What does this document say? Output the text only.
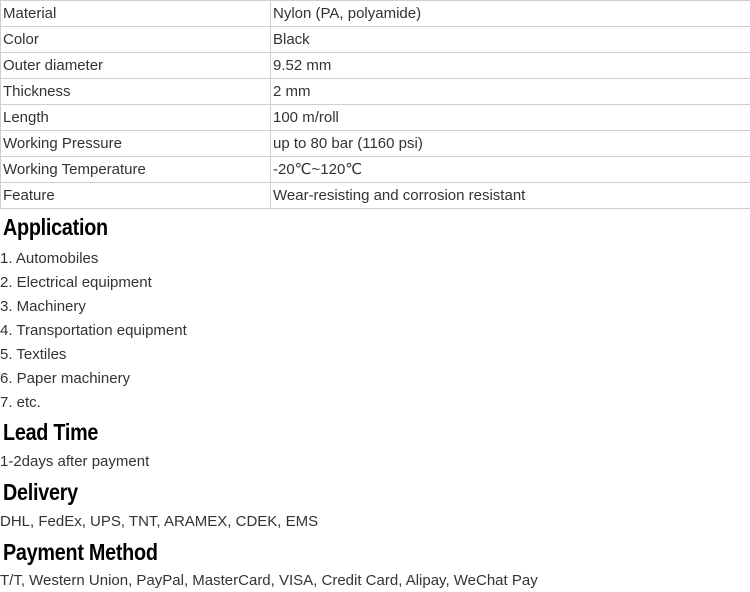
Material	Nylon (PA, polyamide)
Color	Black
Outer diameter	9.52 mm
Thickness	2 mm
Length	100 m/roll
Working Pressure	up to 80 bar (1160 psi)
Working Temperature	-20℃~120℃
Feature	Wear-resisting and corrosion resistant
Application
1. Automobiles
2. Electrical equipment
3. Machinery
4. Transportation equipment
5. Textiles
6. Paper machinery
7. etc.
Lead Time

1-2days after payment

Delivery

DHL, FedEx, UPS, TNT, ARAMEX, CDEK, EMS

Payment Method

T/T, Western Union, PayPal, MasterCard, VISA, Credit Card, Alipay, WeChat Pay
